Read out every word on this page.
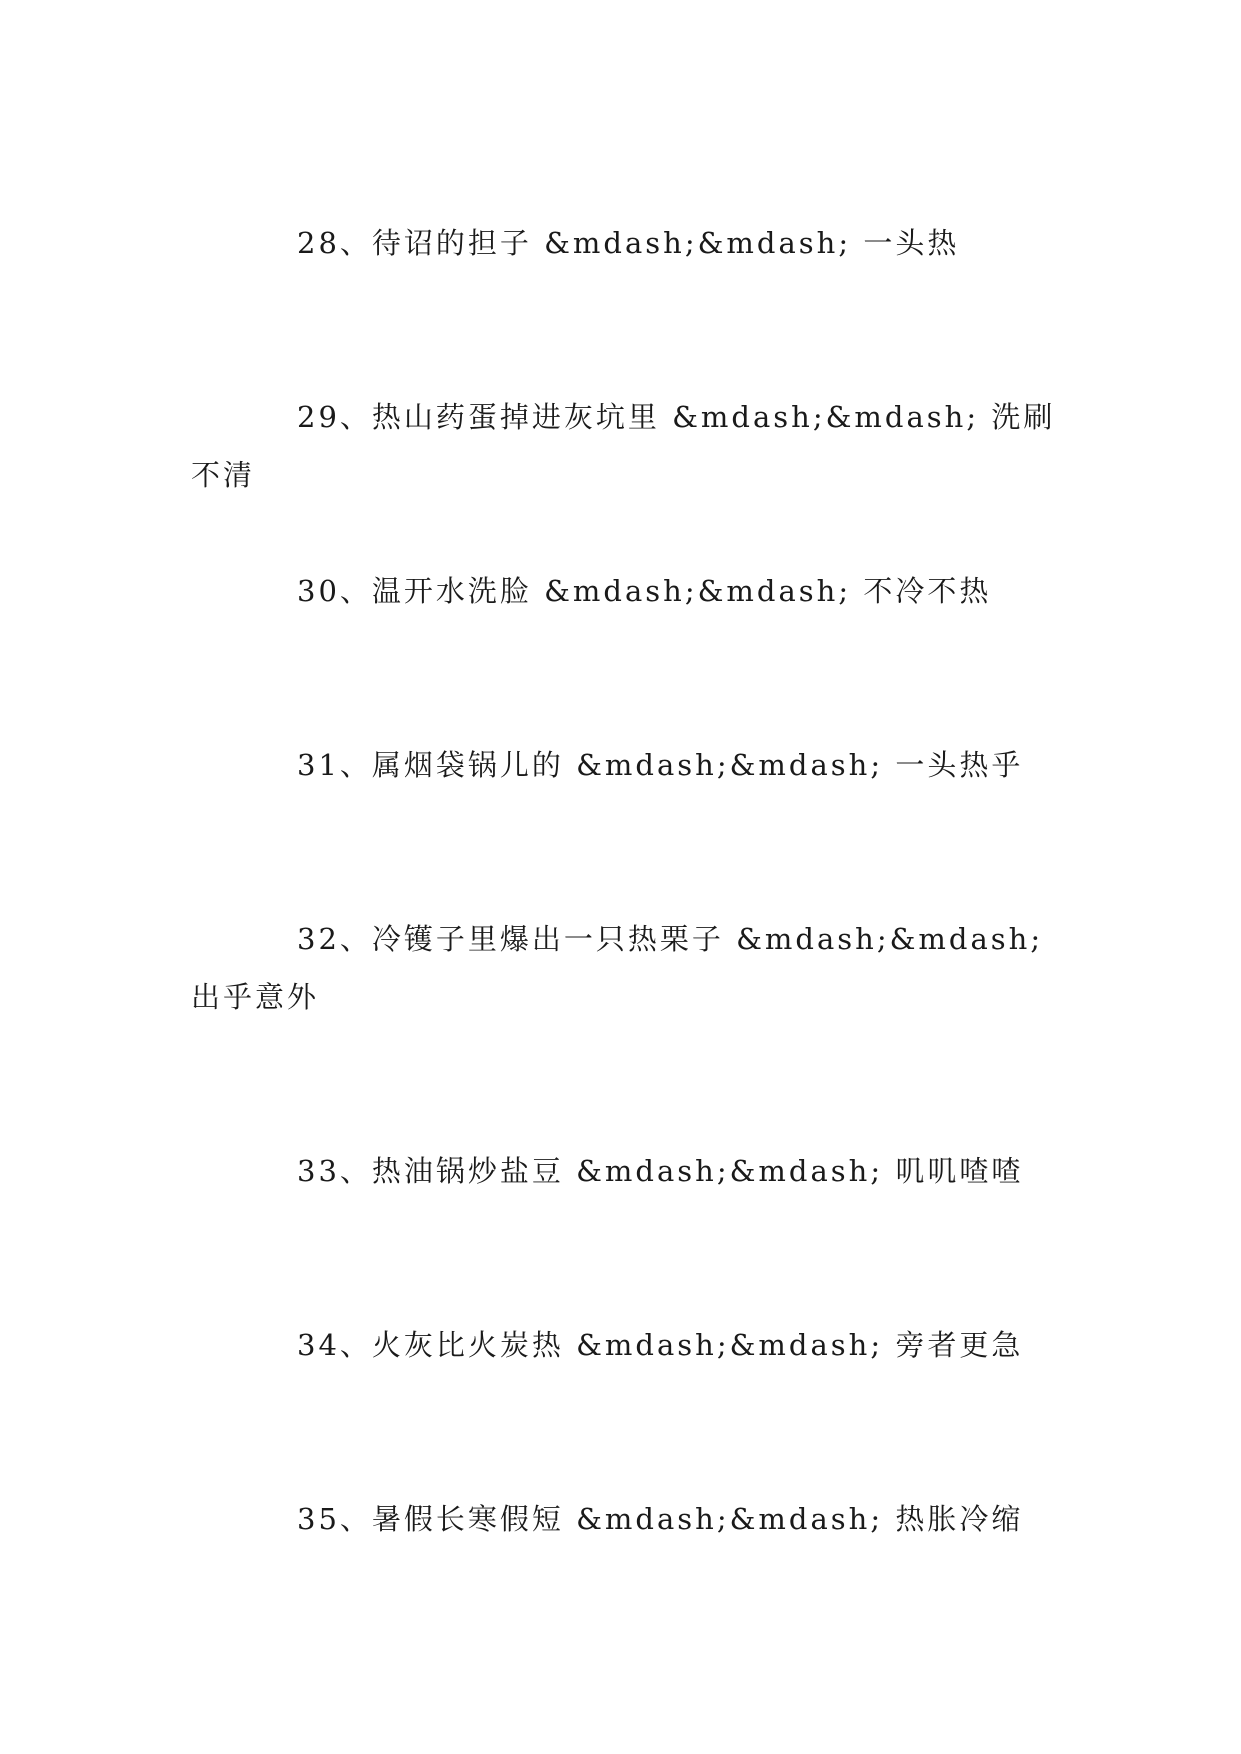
28、待诏的担子 &mdash;&mdash; 一头热

29、热山药蛋掉进灰坑里 &mdash;&mdash; 洗刷不清

30、温开水洗脸 &mdash;&mdash; 不冷不热

31、属烟袋锅儿的 &mdash;&mdash; 一头热乎

32、冷镬子里爆出一只热栗子 &mdash;&mdash; 出乎意外

33、热油锅炒盐豆 &mdash;&mdash; 叽叽喳喳

34、火灰比火炭热 &mdash;&mdash; 旁者更急

35、暑假长寒假短 &mdash;&mdash; 热胀冷缩
